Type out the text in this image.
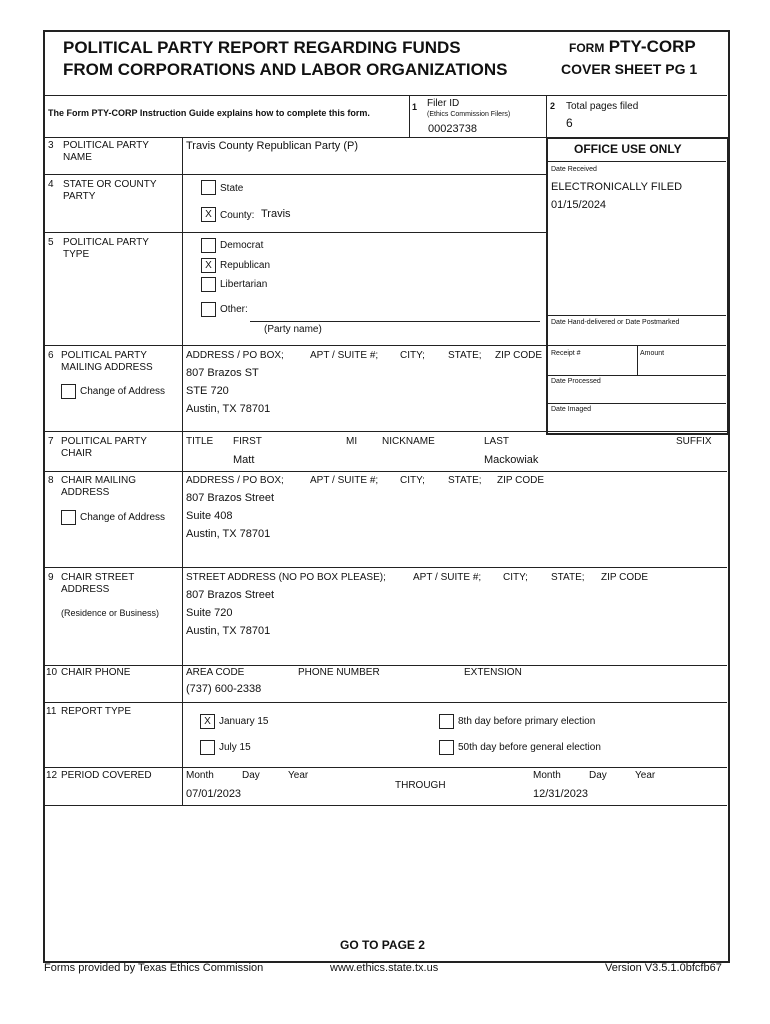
POLITICAL PARTY REPORT REGARDING FUNDS
FROM CORPORATIONS AND LABOR ORGANIZATIONS
FORM PTY-CORP
COVER SHEET PG 1
The Form PTY-CORP Instruction Guide explains how to complete this form.
1 Filer ID
(Ethics Commission Filers)
00023738
2 Total pages filed
6
OFFICE USE ONLY
Date Received
ELECTRONICALLY FILED
01/15/2024
Date Hand-delivered or Date Postmarked
Receipt #	Amount
Date Processed
Date Imaged
3 POLITICAL PARTY
NAME
Travis County Republican Party (P)
4 STATE OR COUNTY
PARTY
State
X County: Travis
5 POLITICAL PARTY
TYPE
Democrat
X Republican
Libertarian
Other:
(Party name)
6 POLITICAL PARTY
MAILING ADDRESS
Change of Address
ADDRESS / PO BOX;	APT / SUITE #; CITY; STATE; ZIP CODE
807 Brazos ST
STE 720
Austin, TX 78701
7 POLITICAL PARTY
CHAIR
TITLE FIRST	MI NICKNAME	LAST	SUFFIX
Matt	Mackowiak
8 CHAIR MAILING
ADDRESS
Change of Address
ADDRESS / PO BOX;	APT / SUITE #; CITY; STATE; ZIP CODE
807 Brazos Street
Suite 408
Austin, TX 78701
9 CHAIR STREET
ADDRESS
(Residence or Business)
STREET ADDRESS (NO PO BOX PLEASE);	APT / SUITE #; CITY; STATE; ZIP CODE
807 Brazos Street
Suite 720
Austin, TX 78701
10 CHAIR PHONE	AREA CODE	PHONE NUMBER	EXTENSION
(737) 600-2338
11 REPORT TYPE
X January 15
July 15
8th day before primary election
50th day before general election
12 PERIOD COVERED	Month	Day	Year
07/01/2023
THROUGH
Month	Day	Year
12/31/2023
GO TO PAGE 2
Forms provided by Texas Ethics Commission	www.ethics.state.tx.us	Version V3.5.1.0bfcfb67
